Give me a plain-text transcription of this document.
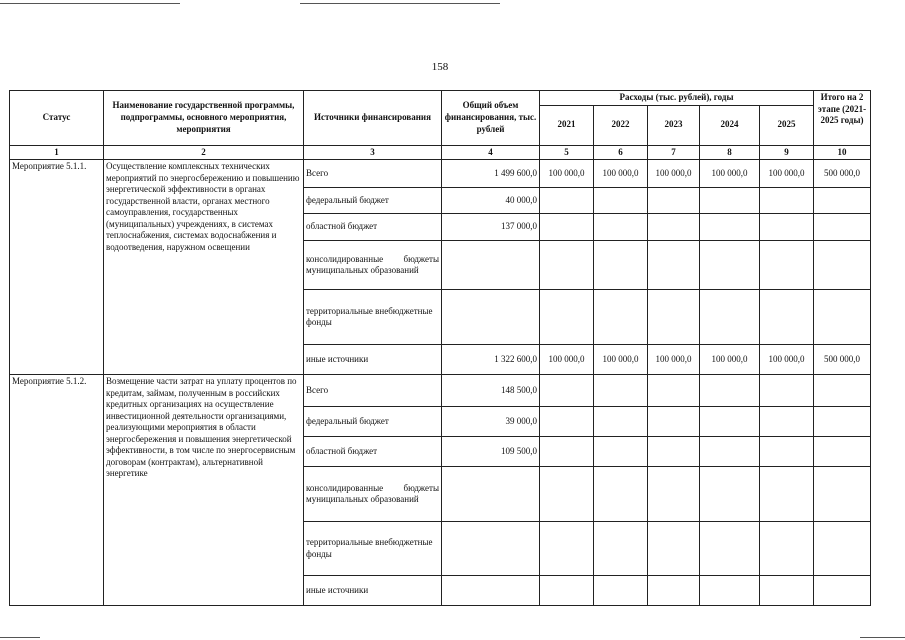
158
Статус	Наименование государственной программы, подпрограммы, основного мероприятия, мероприятия	Источники финансирования	Общий объем финансирования, тыс. рублей	Расходы (тыс. рублей), годы					Итого на 2 этапе (2021-2025 годы)
				2021	2022	2023	2024	2025	
1	2	3	4	5	6	7	8	9	10
Мероприятие 5.1.1.	Осуществление комплексных технических мероприятий по энергосбережению и повышению энергетической эффективности в органах государственной власти, органах местного самоуправления, государственных (муниципальных) учреждениях, в системах теплоснабжения, системах водоснабжения и водоотведения, наружном освещении	Всего	1 499 600,0	100 000,0	100 000,0	100 000,0	100 000,0	100 000,0	500 000,0
		федеральный бюджет	40 000,0						
		областной бюджет	137 000,0						
		консолидированные бюджеты муниципальных образований							
		территориальные внебюджетные фонды							
		иные источники	1 322 600,0	100 000,0	100 000,0	100 000,0	100 000,0	100 000,0	500 000,0
Мероприятие 5.1.2.	Возмещение части затрат на уплату процентов по кредитам, займам, полученным в российских кредитных организациях на осуществление инвестиционной деятельности организациями, реализующими мероприятия в области энергосбережения и повышения энергетической эффективности, в том числе по энергосервисным договорам (контрактам), альтернативной энергетике	Всего	148 500,0						
		федеральный бюджет	39 000,0						
		областной бюджет	109 500,0						
		консолидированные бюджеты муниципальных образований							
		территориальные внебюджетные фонды							
		иные источники							
